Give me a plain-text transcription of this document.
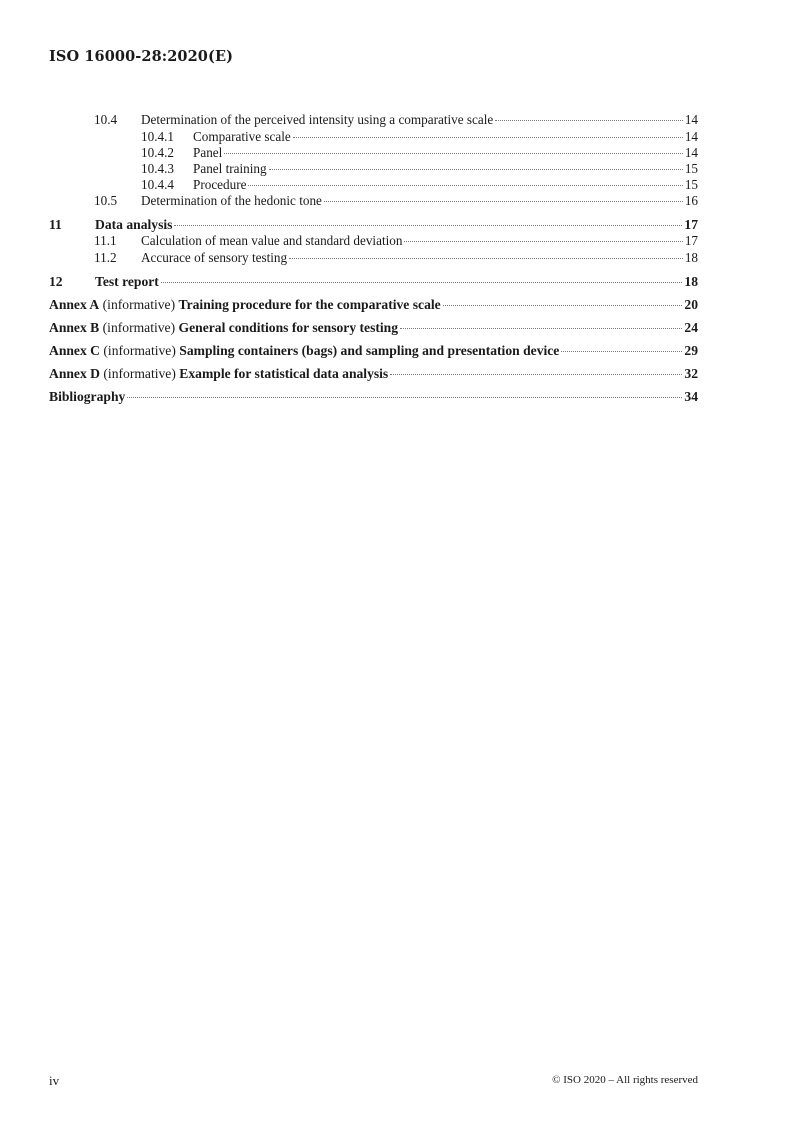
ISO 16000-28:2020(E)
10.4	Determination of the perceived intensity using a comparative scale	14
10.4.1	Comparative scale	14
10.4.2	Panel	14
10.4.3	Panel training	15
10.4.4	Procedure	15
10.5	Determination of the hedonic tone	16
11	Data analysis	17
11.1	Calculation of mean value and standard deviation	17
11.2	Accurace of sensory testing	18
12	Test report	18
Annex A (informative) Training procedure for the comparative scale	20
Annex B (informative) General conditions for sensory testing	24
Annex C (informative) Sampling containers (bags) and sampling and presentation device	29
Annex D (informative) Example for statistical data analysis	32
Bibliography	34
iv	© ISO 2020 – All rights reserved
